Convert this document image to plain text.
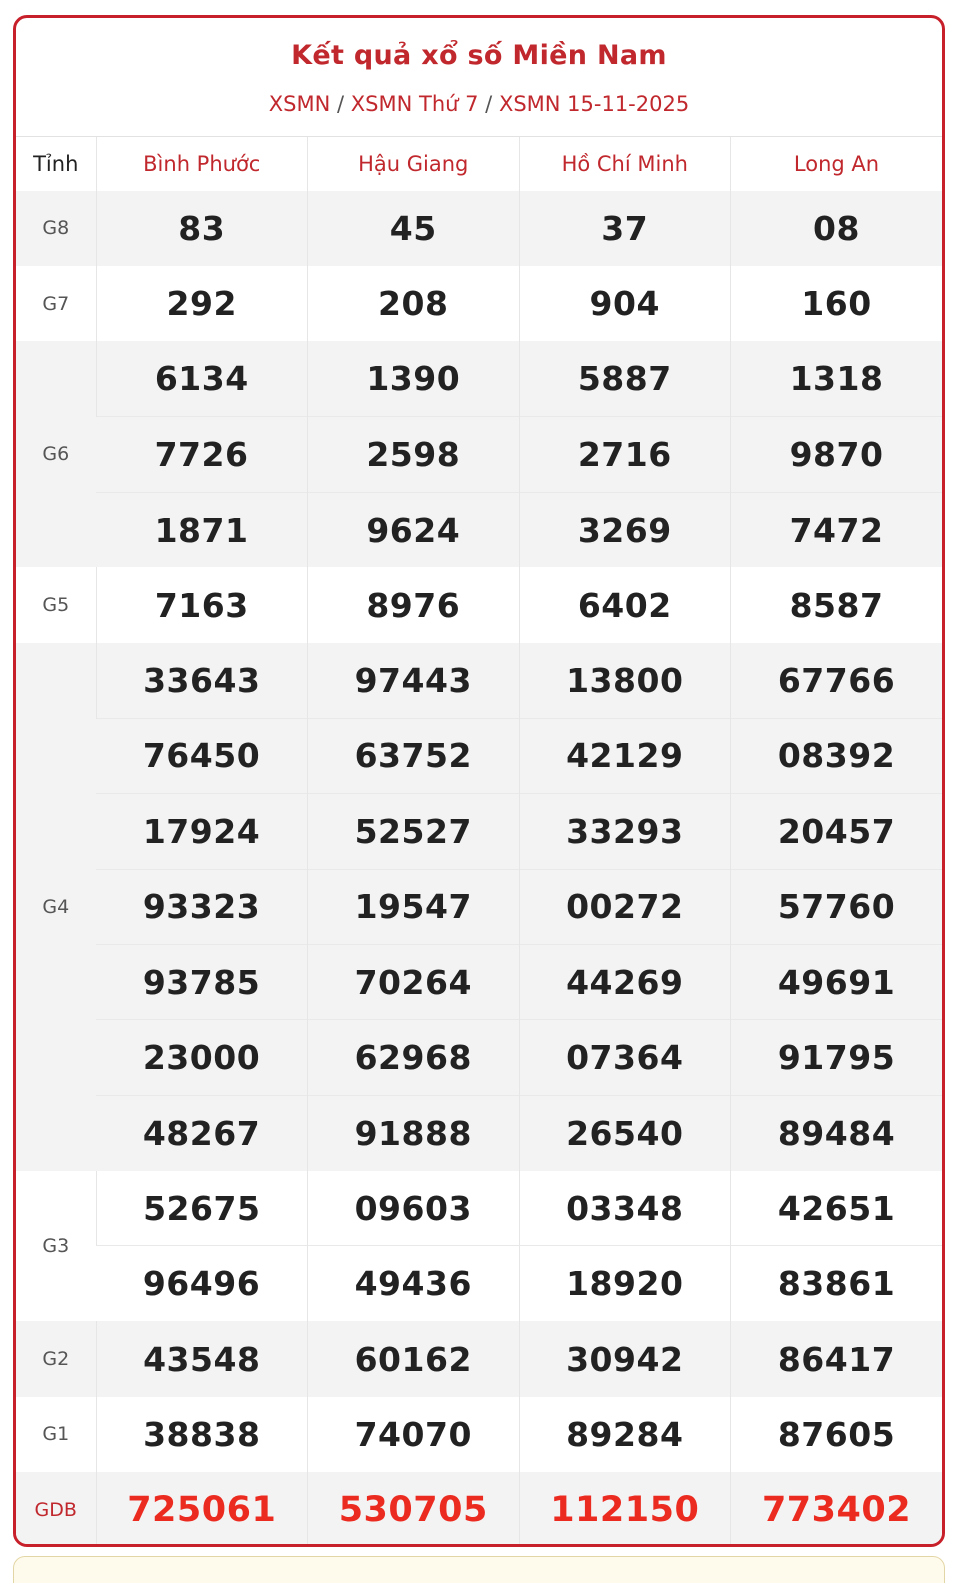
Kết quả xổ số Miền Nam
XSMN / XSMN Thứ 7 / XSMN 15-11-2025
Tỉnh	Bình Phước	Hậu Giang	Hồ Chí Minh	Long An
G8	83	45	37	08
G7	292	208	904	160
G6	6134	1390	5887	1318
	7726	2598	2716	9870
	1871	9624	3269	7472
G5	7163	8976	6402	8587
G4	33643	97443	13800	67766
	76450	63752	42129	08392
	17924	52527	33293	20457
	93323	19547	00272	57760
	93785	70264	44269	49691
	23000	62968	07364	91795
	48267	91888	26540	89484
G3	52675	09603	03348	42651
	96496	49436	18920	83861
G2	43548	60162	30942	86417
G1	38838	74070	89284	87605
GDB	725061	530705	112150	773402
